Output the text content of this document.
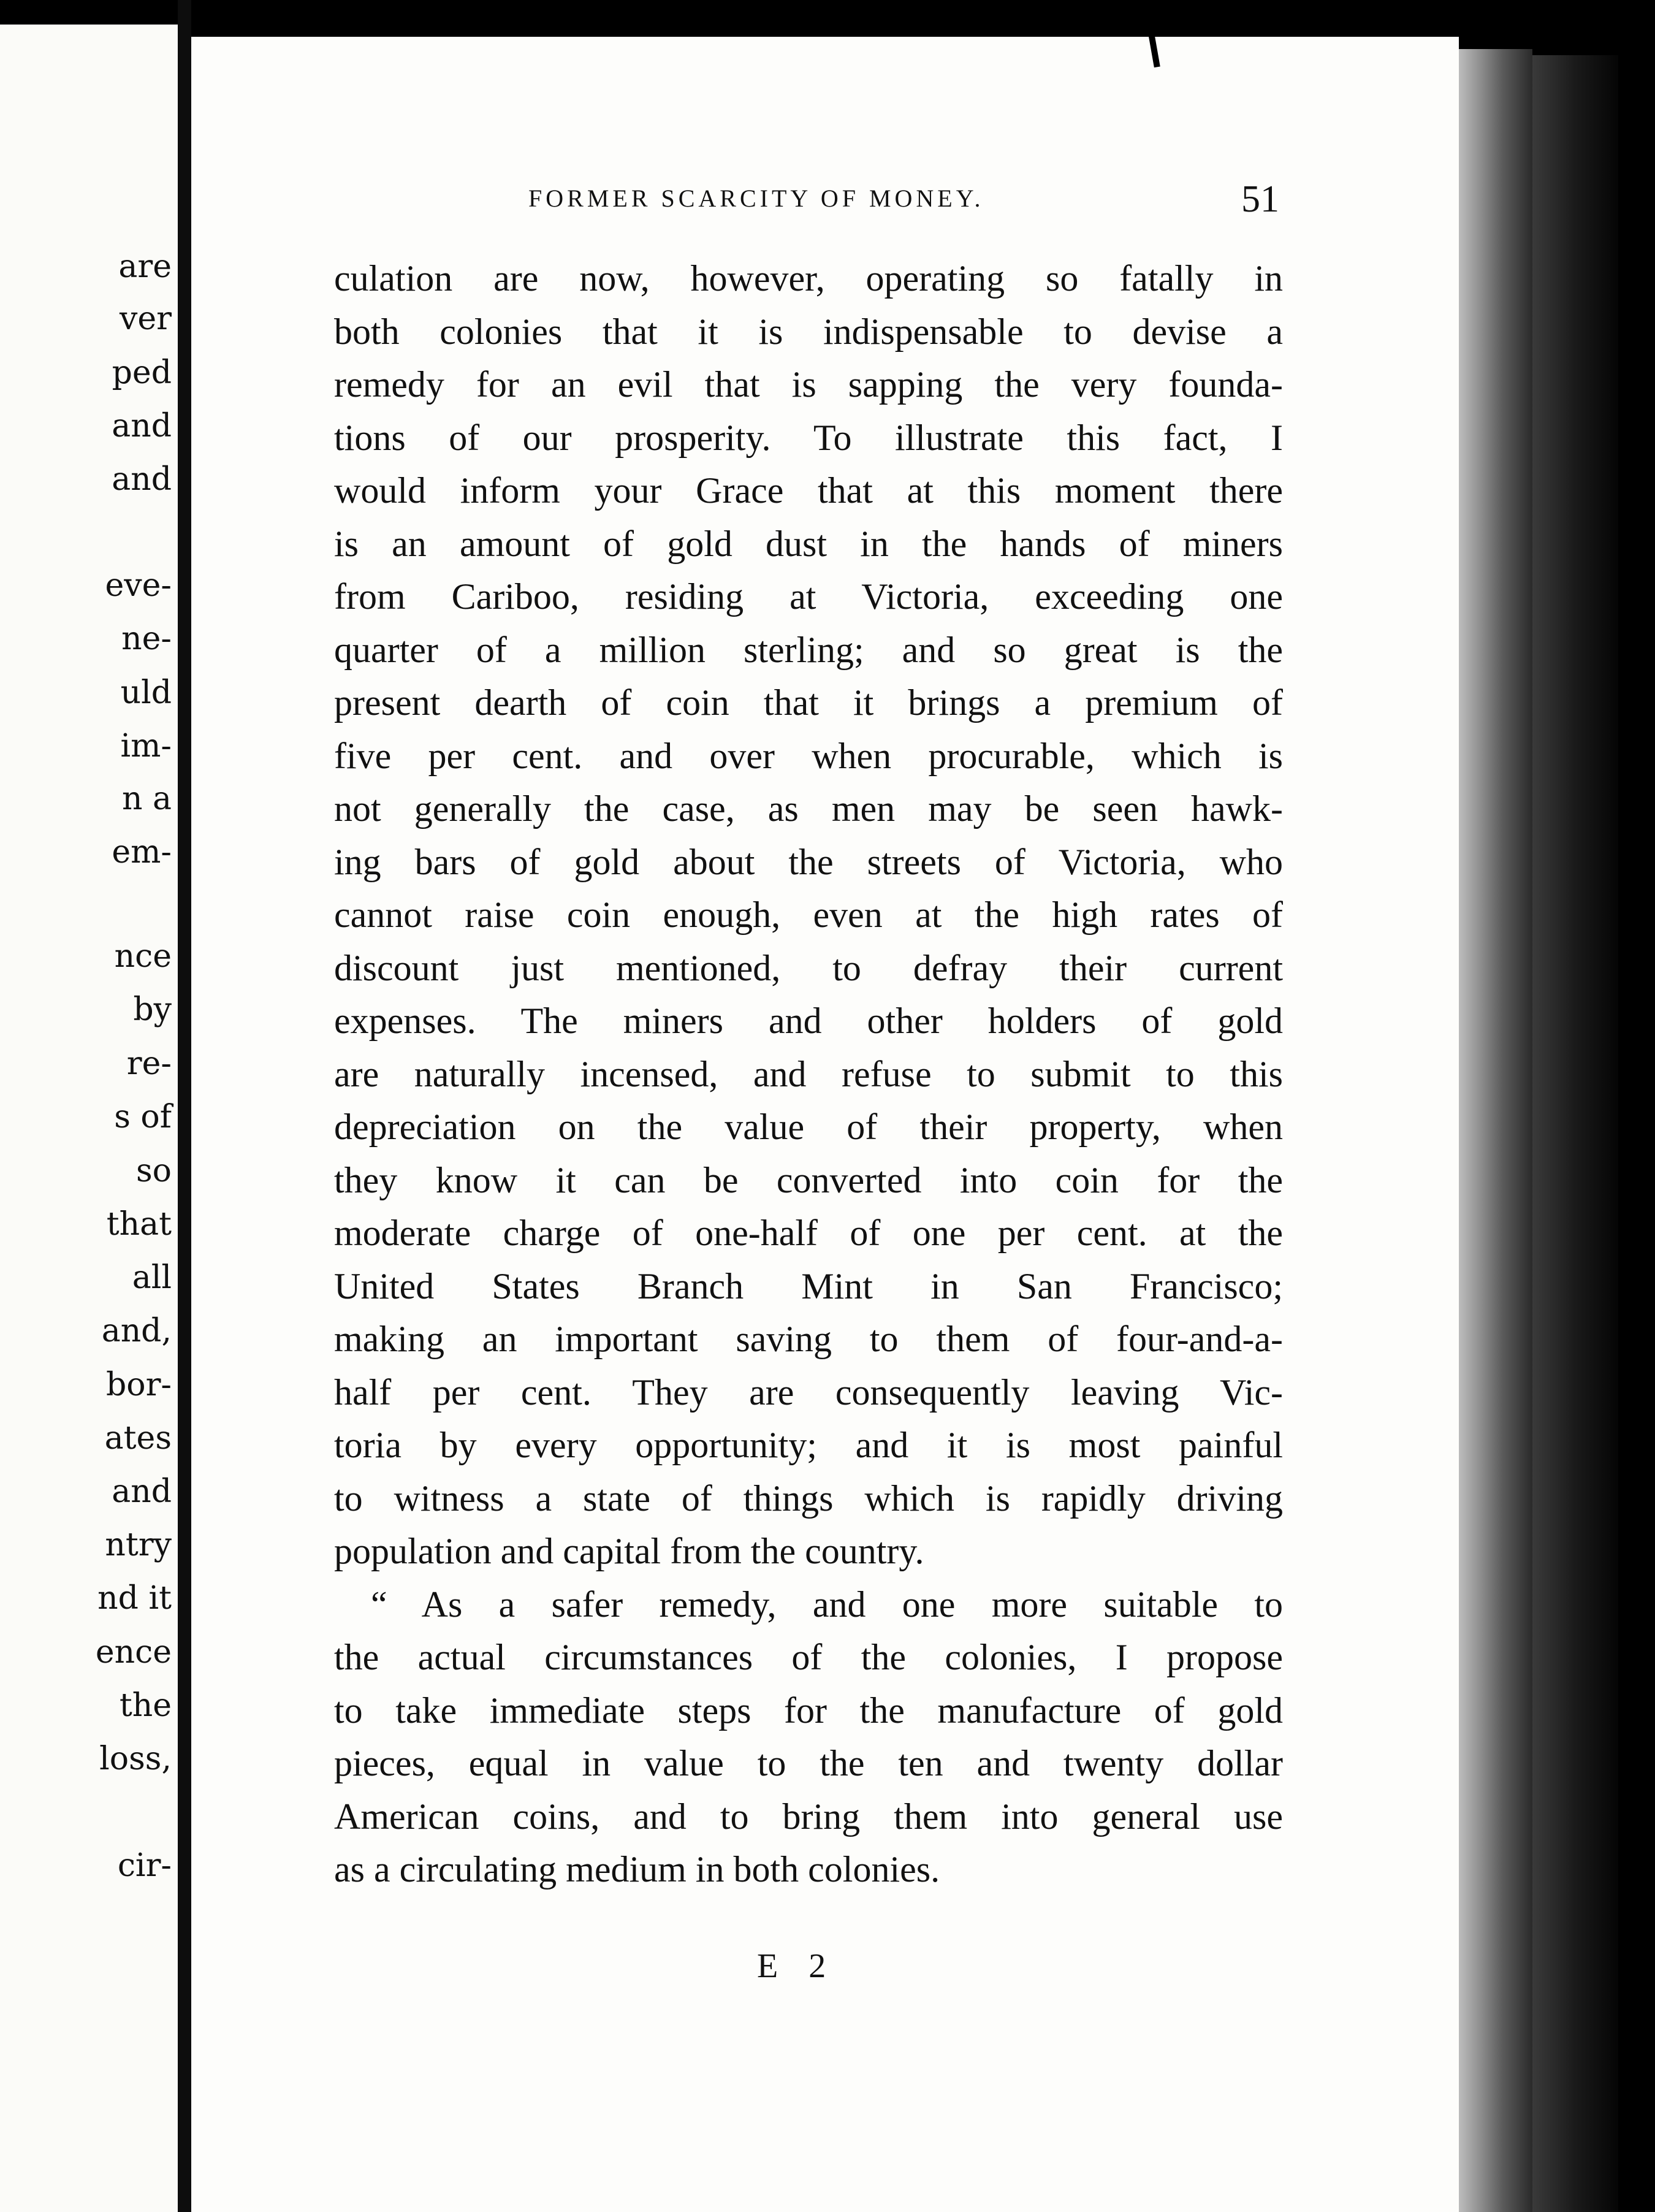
are
ver
ped
and
and
eve-
ne-
uld
im-
n a
em-
nce
by
re-
s of
so
that
all
and,
bor-
ates
and
ntry
nd it
ence
the
loss,
cir-
FORMER SCARCITY OF MONEY.	51
culation are now, however, operating so fatally in
both colonies that it is indispensable to devise a
remedy for an evil that is sapping the very founda-
tions of our prosperity. To illustrate this fact, I
would inform your Grace that at this moment there
is an amount of gold dust in the hands of miners
from Cariboo, residing at Victoria, exceeding one
quarter of a million sterling; and so great is the
present dearth of coin that it brings a premium of
five per cent. and over when procurable, which is
not generally the case, as men may be seen hawk-
ing bars of gold about the streets of Victoria, who
cannot raise coin enough, even at the high rates of
discount just mentioned, to defray their current
expenses. The miners and other holders of gold
are naturally incensed, and refuse to submit to this
depreciation on the value of their property, when
they know it can be converted into coin for the
moderate charge of one-half of one per cent. at the
United States Branch Mint in San Francisco;
making an important saving to them of four-and-a-
half per cent. They are consequently leaving Vic-
toria by every opportunity; and it is most painful
to witness a state of things which is rapidly driving
population and capital from the country.
“ As a safer remedy, and one more suitable to
the actual circumstances of the colonies, I propose
to take immediate steps for the manufacture of gold
pieces, equal in value to the ten and twenty dollar
American coins, and to bring them into general use
as a circulating medium in both colonies.
E 2
